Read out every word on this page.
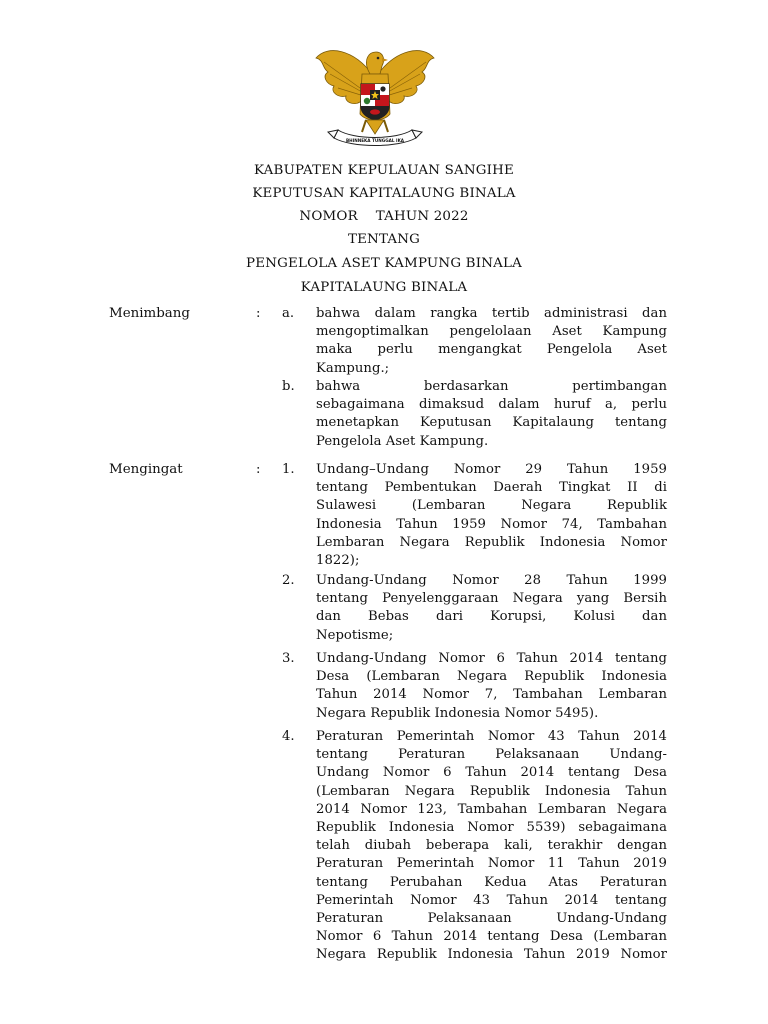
BHINNEKA TUNGGAL IKA
KABUPATEN KEPULAUAN SANGIHE
KEPUTUSAN KAPITALAUNG BINALA
NOMOR    TAHUN 2022
TENTANG
PENGELOLA ASET KAMPUNG BINALA
KAPITALAUNG BINALA
Menimbang	: a. bahwa dalam rangka tertib administrasi dan
mengoptimalkan pengelolaan Aset Kampung
maka perlu mengangkat Pengelola Aset
Kampung.;
b. bahwa berdasarkan pertimbangan
sebagaimana dimaksud dalam huruf a, perlu
menetapkan Keputusan Kapitalaung tentang
Pengelola Aset Kampung.
Mengingat	: 1. Undang–Undang Nomor 29 Tahun 1959
tentang Pembentukan Daerah Tingkat II di
Sulawesi (Lembaran Negara Republik
Indonesia Tahun 1959 Nomor 74, Tambahan
Lembaran Negara Republik Indonesia Nomor
1822);
2. Undang-Undang Nomor 28 Tahun 1999
tentang Penyelenggaraan Negara yang Bersih
dan Bebas dari Korupsi, Kolusi dan
Nepotisme;
3. Undang-Undang Nomor 6 Tahun 2014 tentang
Desa (Lembaran Negara Republik Indonesia
Tahun 2014 Nomor 7, Tambahan Lembaran
Negara Republik Indonesia Nomor 5495).
4. Peraturan Pemerintah Nomor 43 Tahun 2014
tentang Peraturan Pelaksanaan Undang-
Undang Nomor 6 Tahun 2014 tentang Desa
(Lembaran Negara Republik Indonesia Tahun
2014 Nomor 123, Tambahan Lembaran Negara
Republik Indonesia Nomor 5539) sebagaimana
telah diubah beberapa kali, terakhir dengan
Peraturan Pemerintah Nomor 11 Tahun 2019
tentang Perubahan Kedua Atas Peraturan
Pemerintah Nomor 43 Tahun 2014 tentang
Peraturan Pelaksanaan Undang-Undang
Nomor 6 Tahun 2014 tentang Desa (Lembaran
Negara Republik Indonesia Tahun 2019 Nomor
